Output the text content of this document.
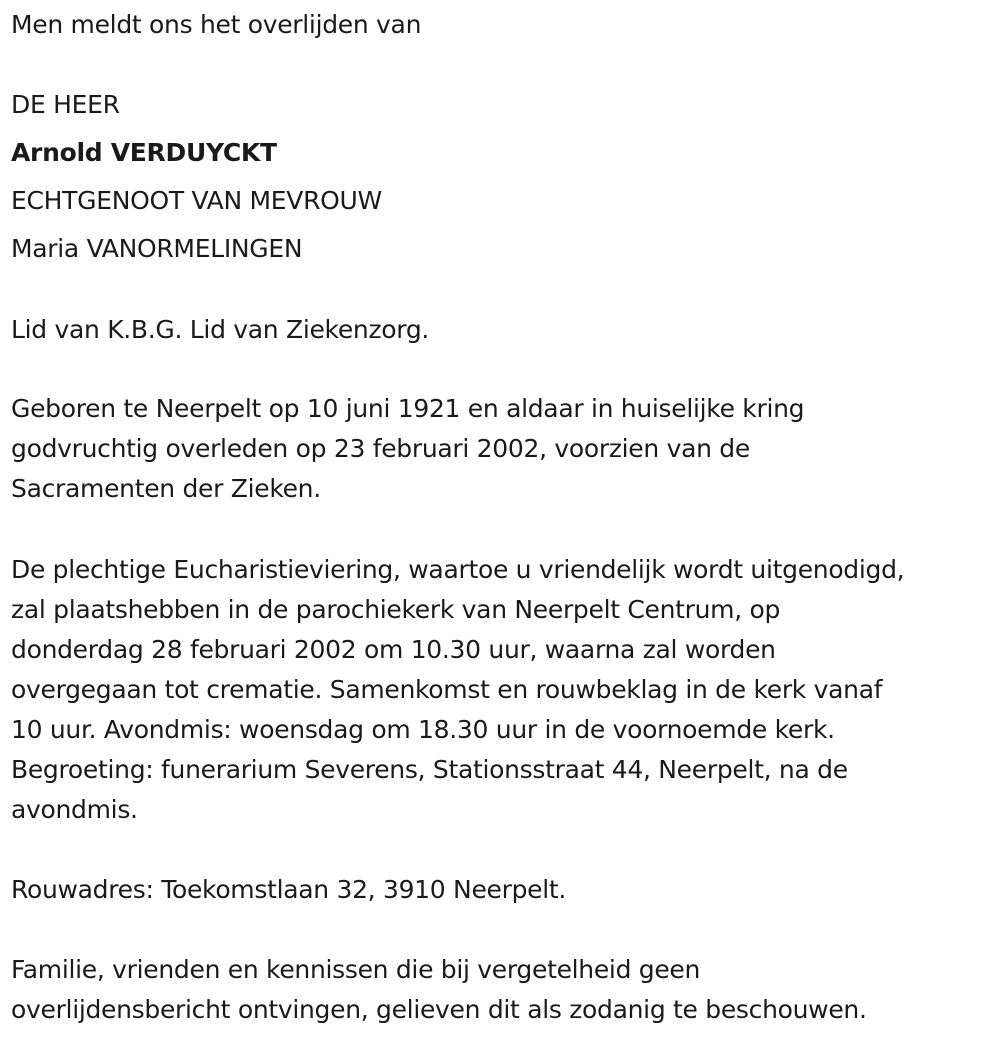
Men meldt ons het overlijden van
DE HEER
Arnold VERDUYCKT
ECHTGENOOT VAN MEVROUW
Maria VANORMELINGEN
Lid van K.B.G. Lid van Ziekenzorg.
Geboren te Neerpelt op 10 juni 1921 en aldaar in huiselijke kring
godvruchtig overleden op 23 februari 2002, voorzien van de
Sacramenten der Zieken.
De plechtige Eucharistieviering, waartoe u vriendelijk wordt uitgenodigd,
zal plaatshebben in de parochiekerk van Neerpelt Centrum, op
donderdag 28 februari 2002 om 10.30 uur, waarna zal worden
overgegaan tot crematie. Samenkomst en rouwbeklag in de kerk vanaf
10 uur. Avondmis: woensdag om 18.30 uur in de voornoemde kerk.
Begroeting: funerarium Severens, Stationsstraat 44, Neerpelt, na de
avondmis.
Rouwadres: Toekomstlaan 32, 3910 Neerpelt.
Familie, vrienden en kennissen die bij vergetelheid geen
overlijdensbericht ontvingen, gelieven dit als zodanig te beschouwen.
